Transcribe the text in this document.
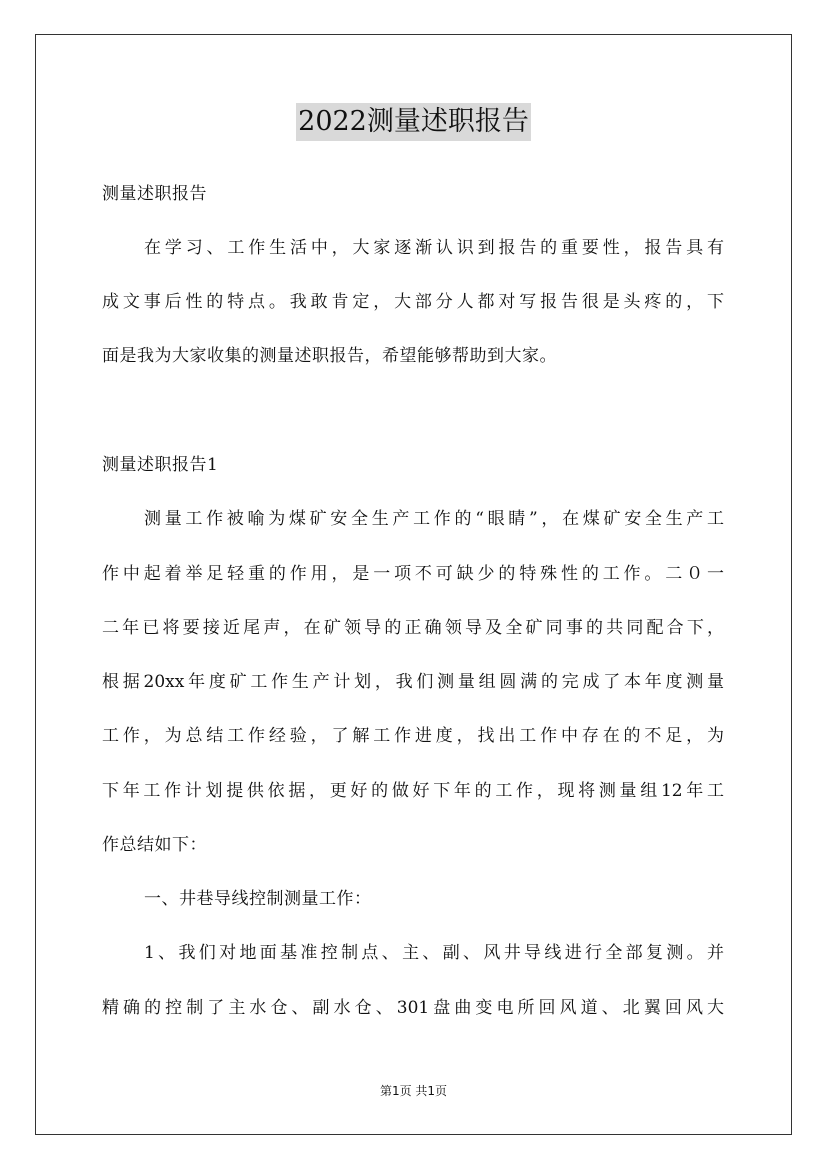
2022测量述职报告
测量述职报告
在学习、工作生活中，大家逐渐认识到报告的重要性，报告具有
成文事后性的特点。我敢肯定，大部分人都对写报告很是头疼的，下
面是我为大家收集的测量述职报告，希望能够帮助到大家。
测量述职报告1
测量工作被喻为煤矿安全生产工作的“眼睛”，在煤矿安全生产工
作中起着举足轻重的作用，是一项不可缺少的特殊性的工作。二０一
二年已将要接近尾声，在矿领导的正确领导及全矿同事的共同配合下，
根据20xx年度矿工作生产计划，我们测量组圆满的完成了本年度测量
工作，为总结工作经验，了解工作进度，找出工作中存在的不足，为
下年工作计划提供依据，更好的做好下年的工作，现将测量组12年工
作总结如下：
一、井巷导线控制测量工作：
1、我们对地面基准控制点、主、副、风井导线进行全部复测。并
精确的控制了主水仓、副水仓、301盘曲变电所回风道、北翼回风大
第1页 共1页
